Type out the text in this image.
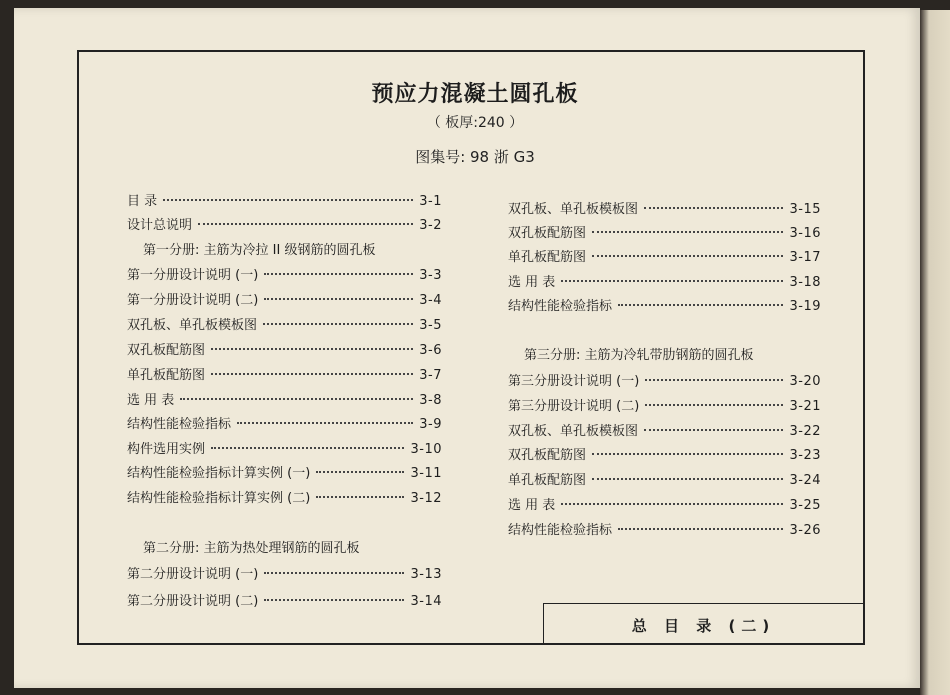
预应力混凝土圆孔板
（ 板厚:240 ）
图集号: 98 浙 G3
目 录	3-1
设计总说明	3-2
第一分册: 主筋为冷拉 II 级钢筋的圆孔板
第一分册设计说明 (一)	3-3
第一分册设计说明 (二)	3-4
双孔板、单孔板模板图	3-5
双孔板配筋图	3-6
单孔板配筋图	3-7
选 用 表	3-8
结构性能检验指标	3-9
构件选用实例	3-10
结构性能检验指标计算实例 (一)	3-11
结构性能检验指标计算实例 (二)	3-12
第二分册: 主筋为热处理钢筋的圆孔板
第二分册设计说明 (一)	3-13
第二分册设计说明 (二)	3-14
双孔板、单孔板模板图	3-15
双孔板配筋图	3-16
单孔板配筋图	3-17
选 用 表	3-18
结构性能检验指标	3-19
第三分册: 主筋为冷轧带肋钢筋的圆孔板
第三分册设计说明 (一)	3-20
第三分册设计说明 (二)	3-21
双孔板、单孔板模板图	3-22
双孔板配筋图	3-23
单孔板配筋图	3-24
选 用 表	3-25
结构性能检验指标	3-26
总 目 录 (二)
